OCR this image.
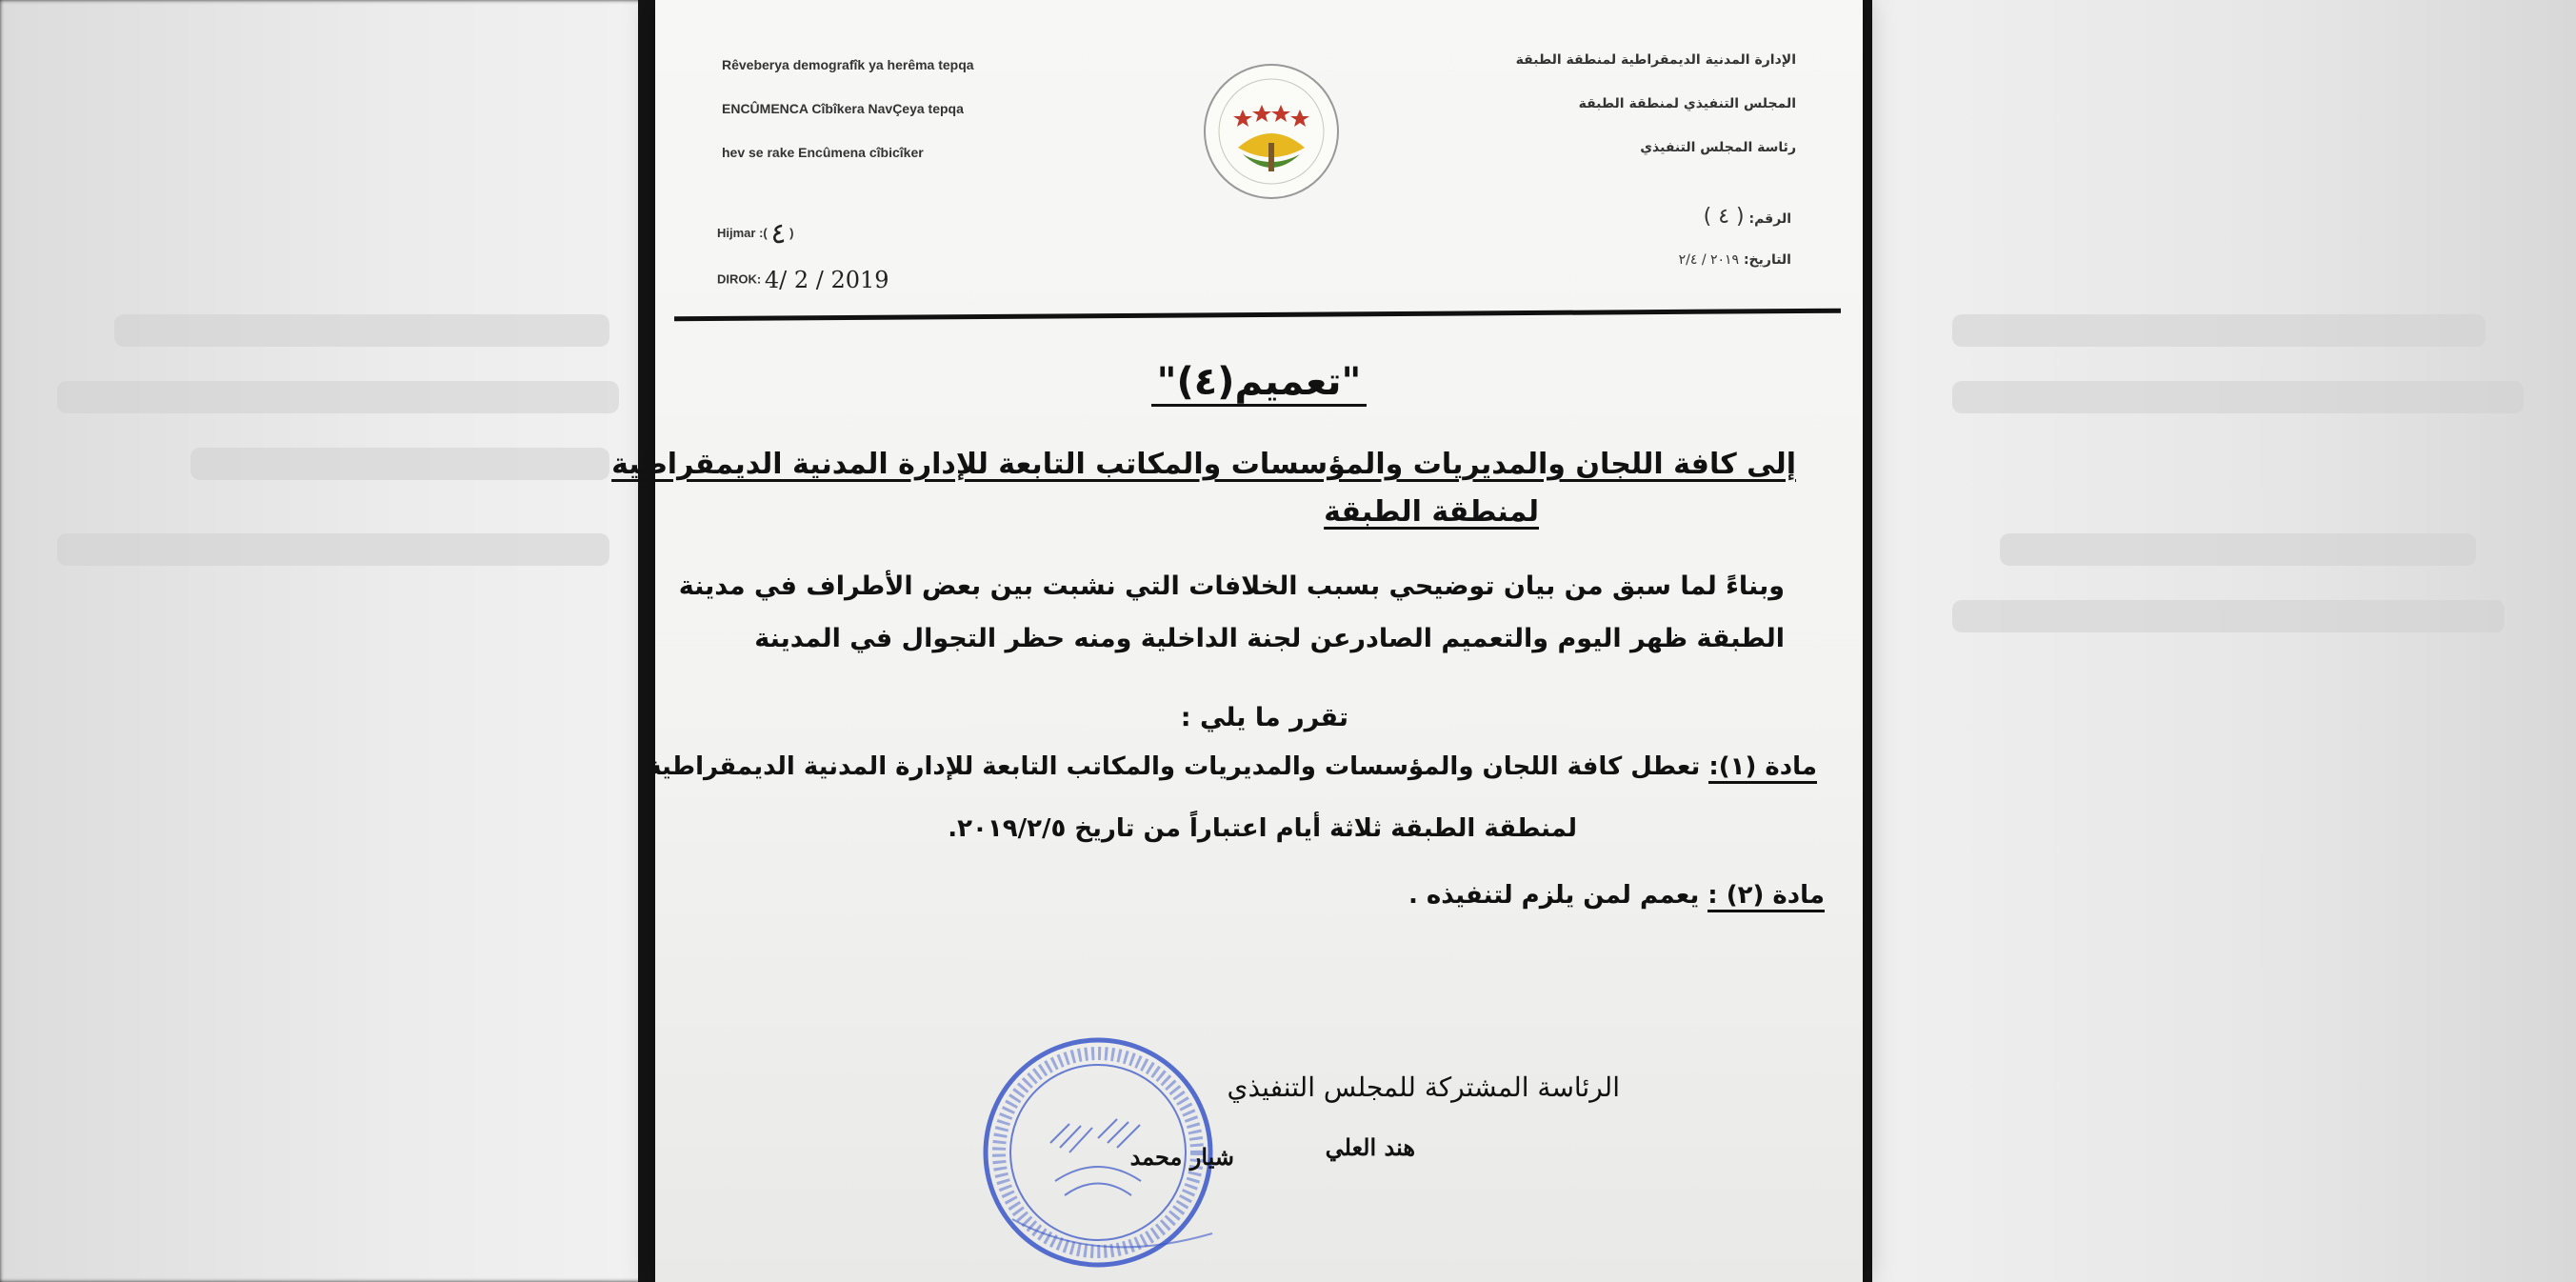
Rêveberya demografîk ya herêma tepqa
ENCÛMENCA Cîbîkera NavÇeya tepqa
hev se rake Encûmena cîbicîker
Hijmar :( ٤ )
DIROK: 4/ 2 / 2019
الإدارة المدنية الديمقراطية لمنطقة الطبقة
المجلس التنفيذي لمنطقة الطبقة
رئاسة المجلس التنفيذي
الرقم: ( ٤ )
التاريخ: ٢٠١٩ / ٢/٤
"تعميم(٤)"
إلى كافة اللجان والمديريات والمؤسسات والمكاتب التابعة للإدارة المدنية الديمقراطية
لمنطقة الطبقة
وبناءً لما سبق من بيان توضيحي بسبب الخلافات التي نشبت بين بعض الأطراف في مدينة
الطبقة ظهر اليوم والتعميم الصادرعن لجنة الداخلية ومنه حظر التجوال في المدينة
تقرر ما يلي :
مادة (١): تعطل كافة اللجان والمؤسسات والمديريات والمكاتب التابعة للإدارة المدنية الديمقراطية
لمنطقة الطبقة ثلاثة أيام اعتباراً من تاريخ ٢٠١٩/٢/٥.
مادة (٢) : يعمم لمن يلزم لتنفيذه .
الرئاسة المشتركة للمجلس التنفيذي
هند العلي
شيار محمد
